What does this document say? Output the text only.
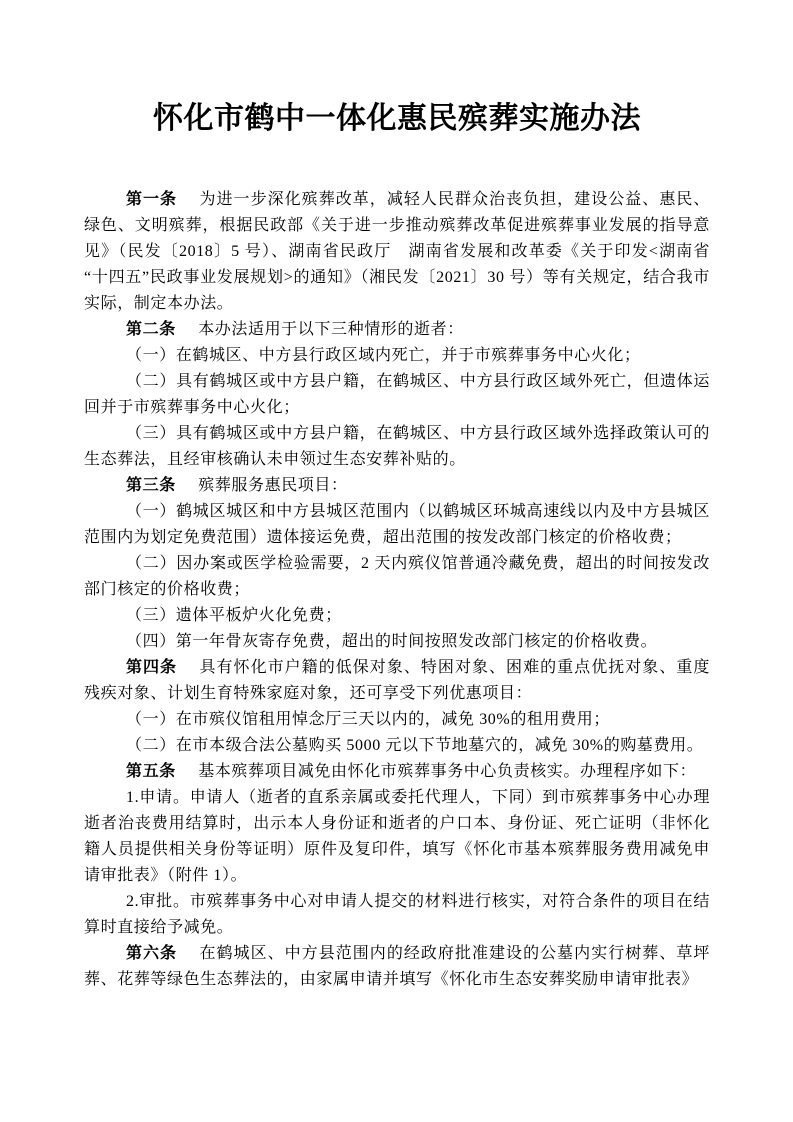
怀化市鹤中一体化惠民殡葬实施办法

第一条 为进一步深化殡葬改革，减轻人民群众治丧负担，建设公益、惠民、绿色、文明殡葬，根据民政部《关于进一步推动殡葬改革促进殡葬事业发展的指导意见》（民发〔2018〕5 号）、湖南省民政厅　湖南省发展和改革委《关于印发<湖南省“十四五”民政事业发展规划>的通知》（湘民发〔2021〕30 号）等有关规定，结合我市实际，制定本办法。

第二条 本办法适用于以下三种情形的逝者：

（一）在鹤城区、中方县行政区域内死亡，并于市殡葬事务中心火化；

（二）具有鹤城区或中方县户籍，在鹤城区、中方县行政区域外死亡，但遗体运回并于市殡葬事务中心火化；

（三）具有鹤城区或中方县户籍，在鹤城区、中方县行政区域外选择政策认可的生态葬法，且经审核确认未申领过生态安葬补贴的。

第三条 殡葬服务惠民项目：

（一）鹤城区城区和中方县城区范围内（以鹤城区环城高速线以内及中方县城区范围内为划定免费范围）遗体接运免费，超出范围的按发改部门核定的价格收费；

（二）因办案或医学检验需要，2 天内殡仪馆普通冷藏免费，超出的时间按发改部门核定的价格收费；

（三）遗体平板炉火化免费；

（四）第一年骨灰寄存免费，超出的时间按照发改部门核定的价格收费。

第四条 具有怀化市户籍的低保对象、特困对象、困难的重点优抚对象、重度残疾对象、计划生育特殊家庭对象，还可享受下列优惠项目：

（一）在市殡仪馆租用悼念厅三天以内的，减免 30%的租用费用；

（二）在市本级合法公墓购买 5000 元以下节地墓穴的，减免 30%的购墓费用。

第五条 基本殡葬项目减免由怀化市殡葬事务中心负责核实。办理程序如下：

1.申请。申请人（逝者的直系亲属或委托代理人，下同）到市殡葬事务中心办理逝者治丧费用结算时，出示本人身份证和逝者的户口本、身份证、死亡证明（非怀化籍人员提供相关身份等证明）原件及复印件，填写《怀化市基本殡葬服务费用减免申请审批表》（附件 1）。

2.审批。市殡葬事务中心对申请人提交的材料进行核实，对符合条件的项目在结算时直接给予减免。

第六条 在鹤城区、中方县范围内的经政府批准建设的公墓内实行树葬、草坪葬、花葬等绿色生态葬法的，由家属申请并填写《怀化市生态安葬奖励申请审批表》
